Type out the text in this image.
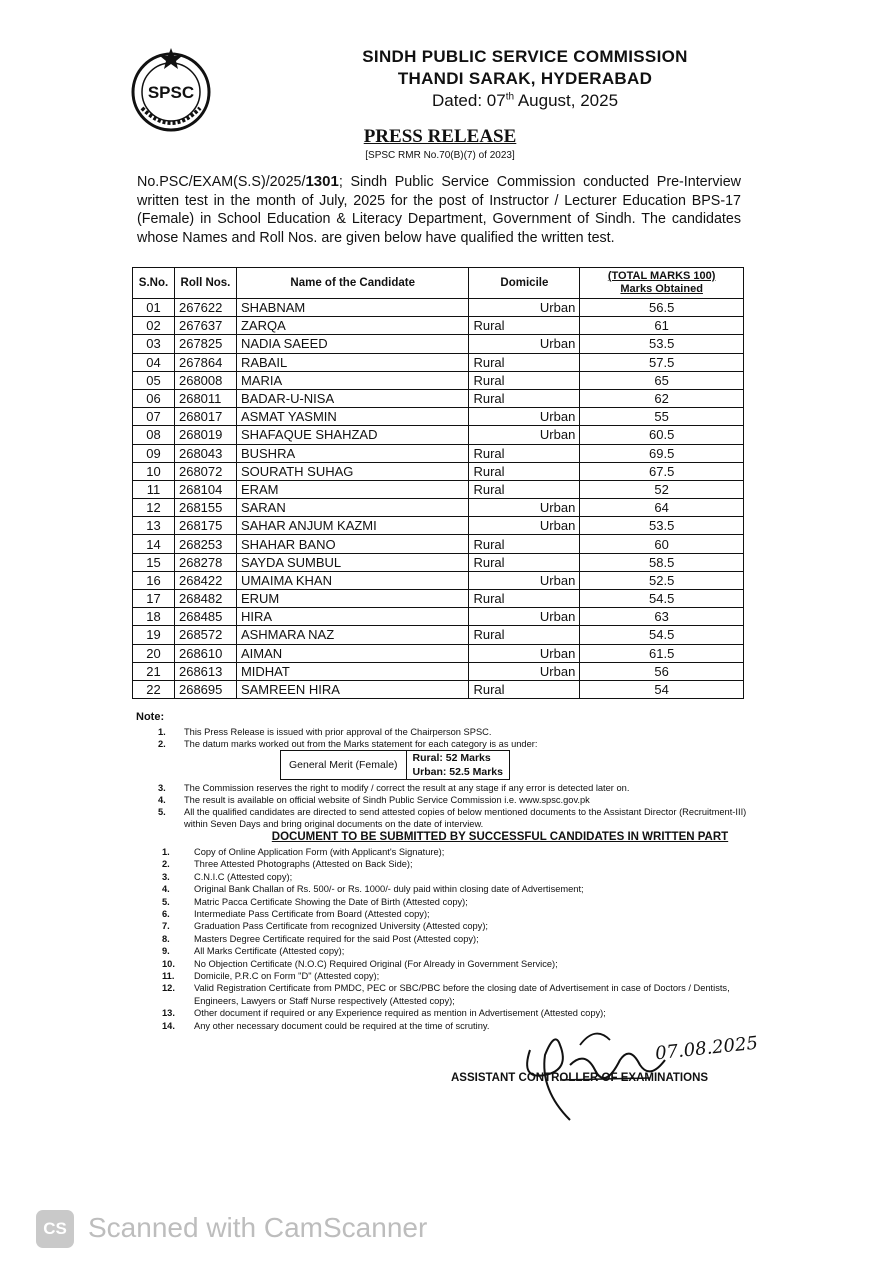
SPSC
SINDH PUBLIC SERVICE COMMISSION
THANDI SARAK, HYDERABAD
Dated: 07th August, 2025
PRESS RELEASE
[SPSC RMR No.70(B)(7) of 2023]
No.PSC/EXAM(S.S)/2025/1301; Sindh Public Service Commission conducted Pre-Interview written test in the month of July, 2025 for the post of Instructor / Lecturer Education BPS-17 (Female) in School Education & Literacy Department, Government of Sindh. The candidates whose Names and Roll Nos. are given below have qualified the written test.
S.No.	Roll Nos.	Name of the Candidate	Domicile	(TOTAL MARKS 100)
Marks Obtained
01	267622	SHABNAM	Urban	56.5
02	267637	ZARQA	Rural	61
03	267825	NADIA SAEED	Urban	53.5
04	267864	RABAIL	Rural	57.5
05	268008	MARIA	Rural	65
06	268011	BADAR-U-NISA	Rural	62
07	268017	ASMAT YASMIN	Urban	55
08	268019	SHAFAQUE SHAHZAD	Urban	60.5
09	268043	BUSHRA	Rural	69.5
10	268072	SOURATH SUHAG	Rural	67.5
11	268104	ERAM	Rural	52
12	268155	SARAN	Urban	64
13	268175	SAHAR ANJUM KAZMI	Urban	53.5
14	268253	SHAHAR BANO	Rural	60
15	268278	SAYDA SUMBUL	Rural	58.5
16	268422	UMAIMA KHAN	Urban	52.5
17	268482	ERUM	Rural	54.5
18	268485	HIRA	Urban	63
19	268572	ASHMARA NAZ	Rural	54.5
20	268610	AIMAN	Urban	61.5
21	268613	MIDHAT	Urban	56
22	268695	SAMREEN HIRA	Rural	54
Note:
1. This Press Release is issued with prior approval of the Chairperson SPSC.
2. The datum marks worked out from the Marks statement for each category is as under:
General Merit (Female)	Rural: 52 Marks
Urban: 52.5 Marks
3. The Commission reserves the right to modify / correct the result at any stage if any error is detected later on.
4. The result is available on official website of Sindh Public Service Commission i.e. www.spsc.gov.pk
5.	All the qualified candidates are directed to send attested copies of below mentioned documents to the Assistant Director (Recruitment-III) within Seven Days and bring original documents on the date of interview.
DOCUMENT TO BE SUBMITTED BY SUCCESSFUL CANDIDATES IN WRITTEN PART
1.	Copy of Online Application Form (with Applicant's Signature);
2.	Three Attested Photographs (Attested on Back Side);
3.	C.N.I.C (Attested copy);
4.	Original Bank Challan of Rs. 500/- or Rs. 1000/- duly paid within closing date of Advertisement;
5.	Matric Pacca Certificate Showing the Date of Birth (Attested copy);
6.	Intermediate Pass Certificate from Board (Attested copy);
7.	Graduation Pass Certificate from recognized University (Attested copy);
8.	Masters Degree Certificate required for the said Post (Attested copy);
9.	All Marks Certificate (Attested copy);
10.	No Objection Certificate (N.O.C) Required Original (For Already in Government Service);
11.	Domicile, P.R.C on Form "D" (Attested copy);
12.	Valid Registration Certificate from PMDC, PEC or SBC/PBC before the closing date of Advertisement in case of Doctors / Dentists, Engineers, Lawyers or Staff Nurse respectively (Attested copy);
13.	Other document if required or any Experience required as mention in Advertisement (Attested copy);
14.	Any other necessary document could be required at the time of scrutiny.
07.08.2025
ASSISTANT CONTROLLER OF EXAMINATIONS
CS Scanned with CamScanner
